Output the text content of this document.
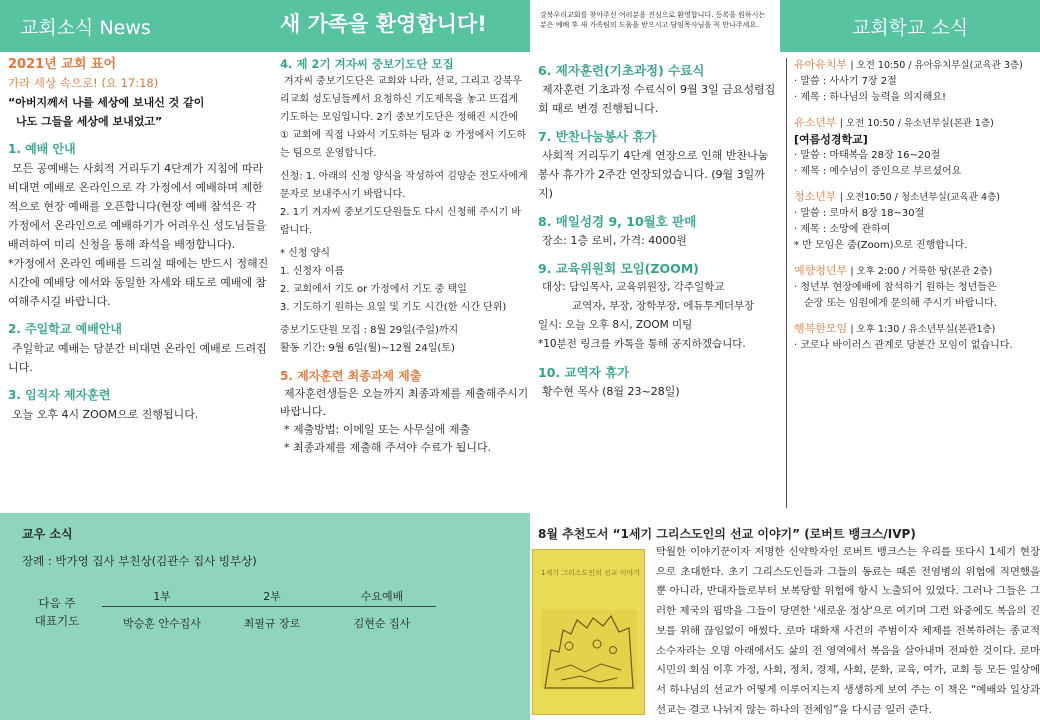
교회소식 News	새 가족을 환영합니다!	강북우리교회를 찾아주신 여러분을 진심으로 환영합니다. 등록을 원하시는 분은 예배 후 새 가족팀의 도움을 받으시고 담임목사님을 꼭 만나주세요.	교회학교 소식
2021년 교회 표어
가라 세상 속으로! (요 17:18)
“아버지께서 나를 세상에 보내신 것 같이
나도 그들을 세상에 보내었고”
1. 예배 안내
모든 공예배는 사회적 거리두기 4단계가 지침에 따라 비대면 예배로 온라인으로 각 가정에서 예배하며 제한적으로 현장 예배를 오픈합니다(현장 예배 참석은 각 가정에서 온라인으로 예배하기가 어려우신 성도님들을 배려하여 미리 신청을 통해 좌석을 배정합니다).
*가정에서 온라인 예배를 드리실 때에는 반드시 정해진 시간에 예배당 에서와 동일한 자세와 태도로 예배에 참여해주시길 바랍니다.
2. 주일학교 예배안내
주일학교 예배는 당분간 비대면 온라인 예배로 드려집니다.
3. 임직자 제자훈련
오늘 오후 4시 ZOOM으로 진행됩니다.
4. 제 2기 겨자씨 중보기도단 모집
겨자씨 중보기도단은 교회와 나라, 선교, 그리고 강북우리교회 성도님들께서 요청하신 기도제목을 놓고 뜨겁게 기도하는 모임입니다. 2기 중보기도단은 정해진 시간에 ① 교회에 직접 나와서 기도하는 팀과 ② 가정에서 기도하는 팀으로 운영합니다.
신청: 1. 아래의 신청 양식을 작성하여 김양순 전도사에게 문자로 보내주시기 바랍니다.
2. 1기 겨자씨 중보기도단원들도 다시 신청해 주시기 바랍니다.
* 신청 양식
1. 신청자 이름
2. 교회에서 기도 or 가정에서 기도 중 택일
3. 기도하기 원하는 요일 및 기도 시간(한 시간 단위)
중보기도단원 모집 : 8월 29일(주일)까지
활동 기간: 9월 6일(월)~12월 24일(토)
5. 제자훈련 최종과제 제출
제자훈련생들은 오늘까지 최종과제를 제출해주시기 바랍니다.
* 제출방법: 이메일 또는 사무실에 제출
* 최종과제를 제출해 주셔야 수료가 됩니다.
6. 제자훈련(기초과정) 수료식
제자훈련 기초과정 수료식이 9월 3일 금요성령집회 때로 변경 진행됩니다.
7. 반찬나눔봉사 휴가
사회적 거리두기 4단계 연장으로 인해 반찬나눔봉사 휴가가 2주간 연장되었습니다. (9월 3일까지)
8. 매일성경 9, 10월호 판매
장소: 1층 로비, 가격: 4000원
9. 교육위원회 모임(ZOOM)
대상: 담임목사, 교육위원장, 각주일학교
교역자, 부장, 장학부장, 에듀투게더부장
일시: 오늘 오후 8시, ZOOM 미팅
*10분전 링크를 카톡을 통해 공지하겠습니다.
10. 교역자 휴가
황수현 목사 (8월 23~28일)
유아유치부 | 오전 10:50 / 유아유치부실(교육관 3층)
· 말씀 : 사사기 7장 2절
· 제목 : 하나님의 능력을 의지해요!
유소년부 | 오전 10:50 / 유소년부실(본관 1층)
[여름성경학교]
· 말씀 : 마태복음 28장 16~20절
· 제목 : 예수님이 증인으로 부르셨어요
청소년부 | 오전10:50 / 청소년부실(교육관 4층)
· 말씀 : 로마서 8장 18~30절
· 제목 : 소망에 관하여
* 반 모임은 줌(Zoom)으로 진행합니다.
예향청년부 | 오후 2:00 / 거룩한 땅(본관 2층)
· 청년부 현장예배에 참석하기 원하는 청년들은
순장 또는 임원에게 문의해 주시기 바랍니다.
행복한모임 | 오후 1:30 / 유소년부실(본관1층)
· 코로나 바이러스 관계로 당분간 모임이 없습니다.
교우 소식
장례 : 박가영 집사 부친상(김관수 집사 빙부상)
다음 주
대표기도
1부	2부	수요예배
박승훈 안수집사	최필규 장로	김현순 집사
8월 추천도서 “1세기 그리스도인의 선교 이야기” (로버트 뱅크스/IVP)
1세기 그리스도인의 선교 이야기
탁월한 이야기꾼이자 저명한 신약학자인 로버트 뱅크스는 우리를 또다시 1세기 현장으로 초대한다. 초기 그리스도인들과 그들의 동료는 때론 전염병의 위협에 직면했을 뿐 아니라, 반대자들로부터 보복당할 위험에 항시 노출되어 있었다. 그러나 그들은 그러한 제국의 핍박을 그들이 당면한 '새로운 정상'으로 여기며 그런 와중에도 복음의 진보를 위해 끊임없이 애썼다. 로마 대화재 사건의 주범이자 체제를 전복하려는 종교적 소수자라는 오명 아래에서도 삶의 전 영역에서 복음을 살아내며 전파한 것이다. 로마 시민의 회심 이후 가정, 사회, 정치, 경제, 사회, 문화, 교육, 여가, 교회 등 모든 일상에서 하나님의 선교가 어떻게 이루어지는지 생생하게 보여 주는 이 책은 “예배와 일상과 선교는 결코 나뉘지 않는 하나의 전체임”을 다시금 일러 준다.
